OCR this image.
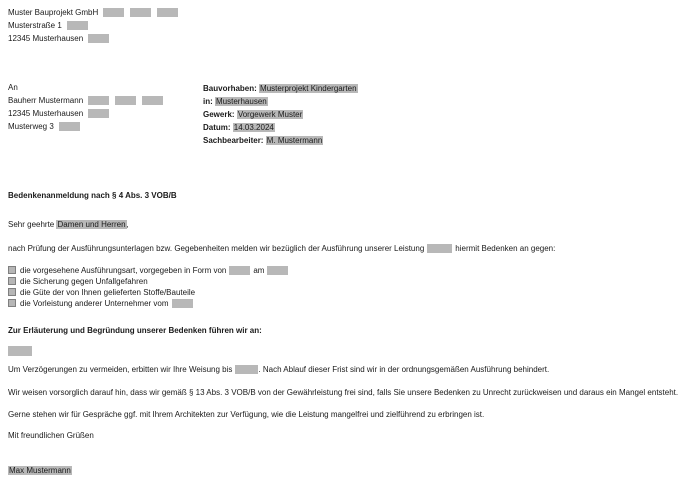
Muster Bauprojekt GmbH
Musterstraße 1
12345 Musterhausen
An
Bauherr Mustermann
12345 Musterhausen
Musterweg 3
Bauvorhaben: Musterprojekt Kindergarten
in: Musterhausen
Gewerk: Vorgewerk Muster
Datum: 14.03.2024
Sachbearbeiter: M. Mustermann
Bedenkenanmeldung nach § 4 Abs. 3 VOB/B
Sehr geehrte Damen und Herren,
nach Prüfung der Ausführungsunterlagen bzw. Gegebenheiten melden wir bezüglich der Ausführung unserer Leistung	hiermit Bedenken an gegen:
die vorgesehene Ausführungsart, vorgegeben in Form von	am
die Sicherung gegen Unfallgefahren
die Güte der von Ihnen gelieferten Stoffe/Bauteile
die Vorleistung anderer Unternehmer vom
Zur Erläuterung und Begründung unserer Bedenken führen wir an:
Um Verzögerungen zu vermeiden, erbitten wir Ihre Weisung bis	. Nach Ablauf dieser Frist sind wir in der ordnungsgemäßen Ausführung behindert.
Wir weisen vorsorglich darauf hin, dass wir gemäß § 13 Abs. 3 VOB/B von der Gewährleistung frei sind, falls Sie unsere Bedenken zu Unrecht zurückweisen und daraus ein Mangel entsteht.
Gerne stehen wir für Gespräche ggf. mit Ihrem Architekten zur Verfügung, wie die Leistung mangelfrei und zielführend zu erbringen ist.
Mit freundlichen Grüßen
Max Mustermann
